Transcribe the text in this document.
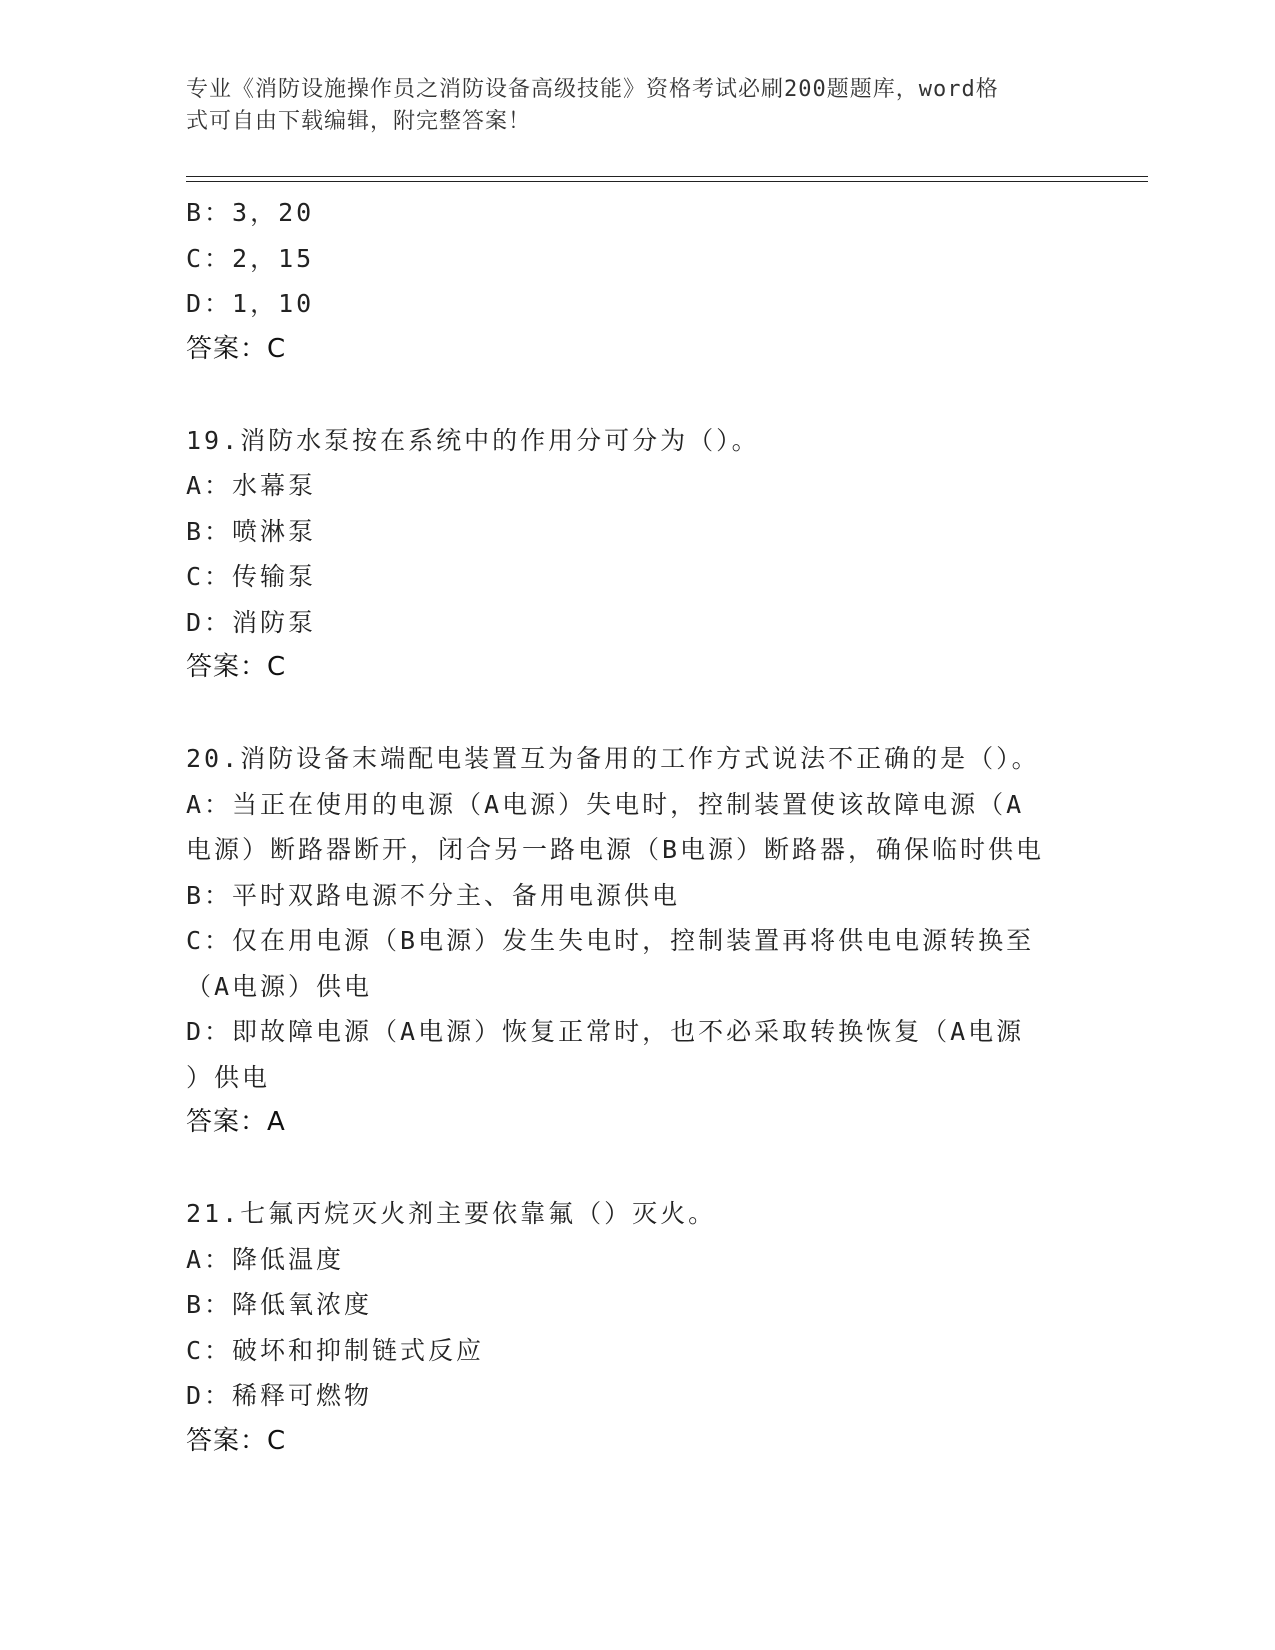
专业《消防设施操作员之消防设备高级技能》资格考试必刷200题题库，word格
式可自由下载编辑，附完整答案！
B：3，20
C：2，15
D：1，10
答案：C
19.消防水泵按在系统中的作用分可分为（）。
A：水幕泵
B：喷淋泵
C：传输泵
D：消防泵
答案：C
20.消防设备末端配电装置互为备用的工作方式说法不正确的是（）。
A：当正在使用的电源（A电源）失电时，控制装置使该故障电源（A
电源）断路器断开，闭合另一路电源（B电源）断路器，确保临时供电
B：平时双路电源不分主、备用电源供电
C：仅在用电源（B电源）发生失电时，控制装置再将供电电源转换至
（A电源）供电
D：即故障电源（A电源）恢复正常时，也不必采取转换恢复（A电源
）供电
答案：A
21.七氟丙烷灭火剂主要依靠氟（）灭火。
A：降低温度
B：降低氧浓度
C：破坏和抑制链式反应
D：稀释可燃物
答案：C
